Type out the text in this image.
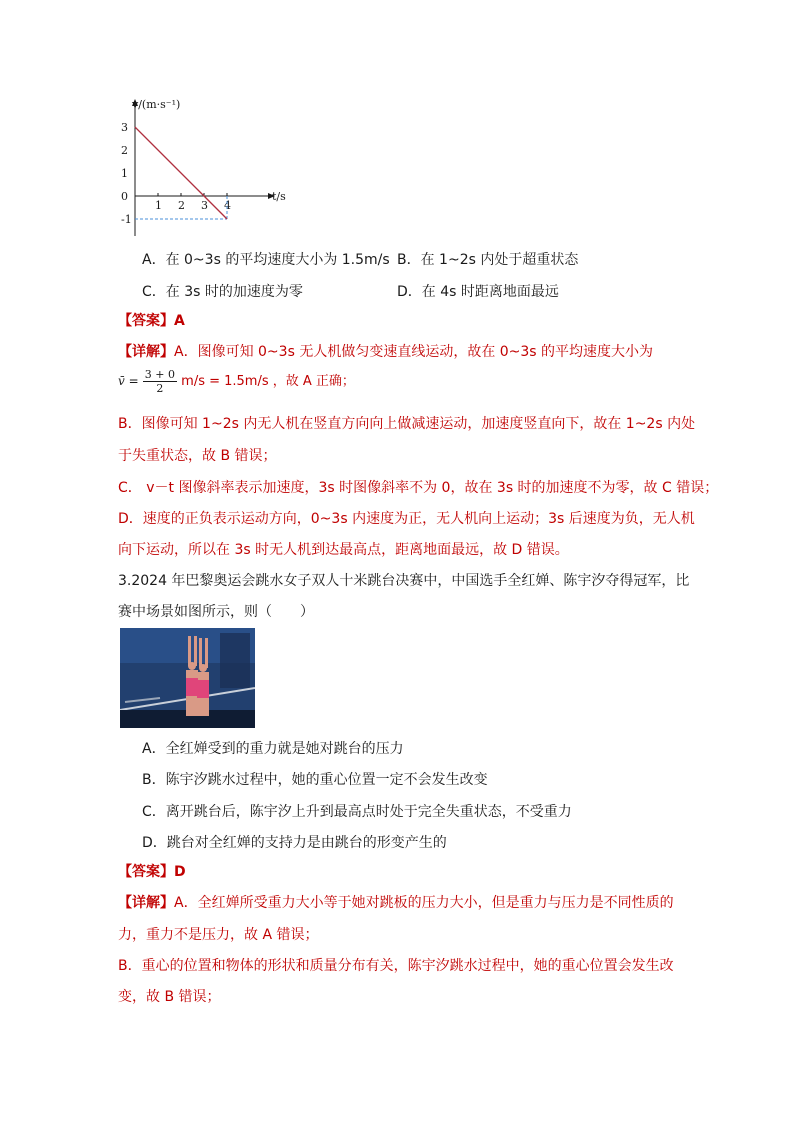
v/(m·s⁻¹)
t/s
3
2
1
0
-1
1 2 3 4
A．在 0~3s 的平均速度大小为 1.5m/s B．在 1~2s 内处于超重状态
C．在 3s 时的加速度为零	D．在 4s 时距离地面最远
【答案】A
【详解】A．图像可知 0~3s 无人机做匀变速直线运动，故在 0~3s 的平均速度大小为
v̄ = $\frac{3 + 0}{2} m/s = 1.5m/s$ ，故 A 正确；
B．图像可知 1~2s 内无人机在竖直方向向上做减速运动，加速度竖直向下，故在 1~2s 内处
于失重状态，故 B 错误；
C． v－t 图像斜率表示加速度，3s 时图像斜率不为 0，故在 3s 时的加速度不为零，故 C 错误；
D．速度的正负表示运动方向，0~3s 内速度为正，无人机向上运动；3s 后速度为负，无人机
向下运动，所以在 3s 时无人机到达最高点，距离地面最远，故 D 错误。
3.2024 年巴黎奥运会跳水女子双人十米跳台决赛中，中国选手全红婵、陈宇汐夺得冠军，比
赛中场景如图所示，则（　　）
A．全红婵受到的重力就是她对跳台的压力
B．陈宇汐跳水过程中，她的重心位置一定不会发生改变
C．离开跳台后，陈宇汐上升到最高点时处于完全失重状态，不受重力
D．跳台对全红婵的支持力是由跳台的形变产生的
【答案】D
【详解】A．全红婵所受重力大小等于她对跳板的压力大小，但是重力与压力是不同性质的
力，重力不是压力，故 A 错误；
B．重心的位置和物体的形状和质量分布有关，陈宇汐跳水过程中，她的重心位置会发生改
变，故 B 错误；
